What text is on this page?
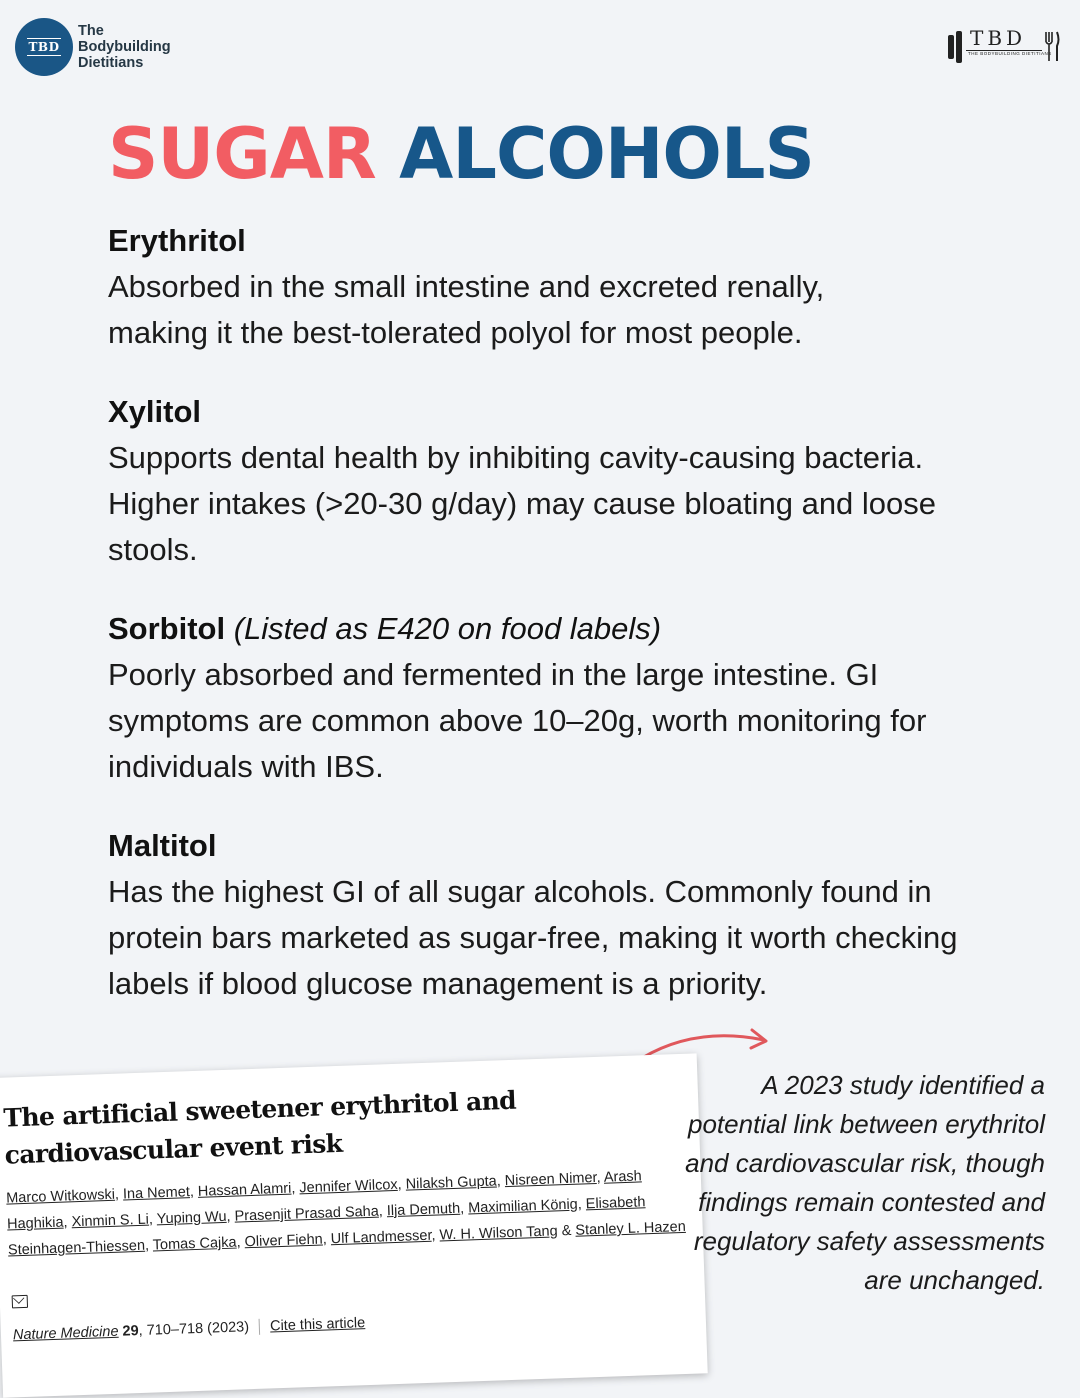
TBD
The
Bodybuilding
Dietitians
TBD
THE BODYBUILDING DIETITIANS
SUGAR ALCOHOLS
Erythritol

Absorbed in the small intestine and excreted renally, making it the best-tolerated polyol for most people.

Xylitol

Supports dental health by inhibiting cavity-causing bacteria. Higher intakes (>20-30 g/day) may cause bloating and loose stools.

Sorbitol (Listed as E420 on food labels)

Poorly absorbed and fermented in the large intestine. GI symptoms are common above 10–20g, worth monitoring for individuals with IBS.

Maltitol

Has the highest GI of all sugar alcohols. Commonly found in protein bars marketed as sugar-free, making it worth checking labels if blood glucose management is a priority.

The artificial sweetener erythritol and cardiovascular event risk
Marco Witkowski, Ina Nemet, Hassan Alamri, Jennifer Wilcox, Nilaksh Gupta, Nisreen Nimer, Arash Haghikia, Xinmin S. Li, Yuping Wu, Prasenjit Prasad Saha, Ilja Demuth, Maximilian König, Elisabeth Steinhagen-Thiessen, Tomas Cajka, Oliver Fiehn, Ulf Landmesser, W. H. Wilson Tang & Stanley L. Hazen
Nature Medicine 29, 710–718 (2023) Cite this article
A 2023 study identified a potential link between erythritol and cardiovascular risk, though findings remain contested and regulatory safety assessments are unchanged.
